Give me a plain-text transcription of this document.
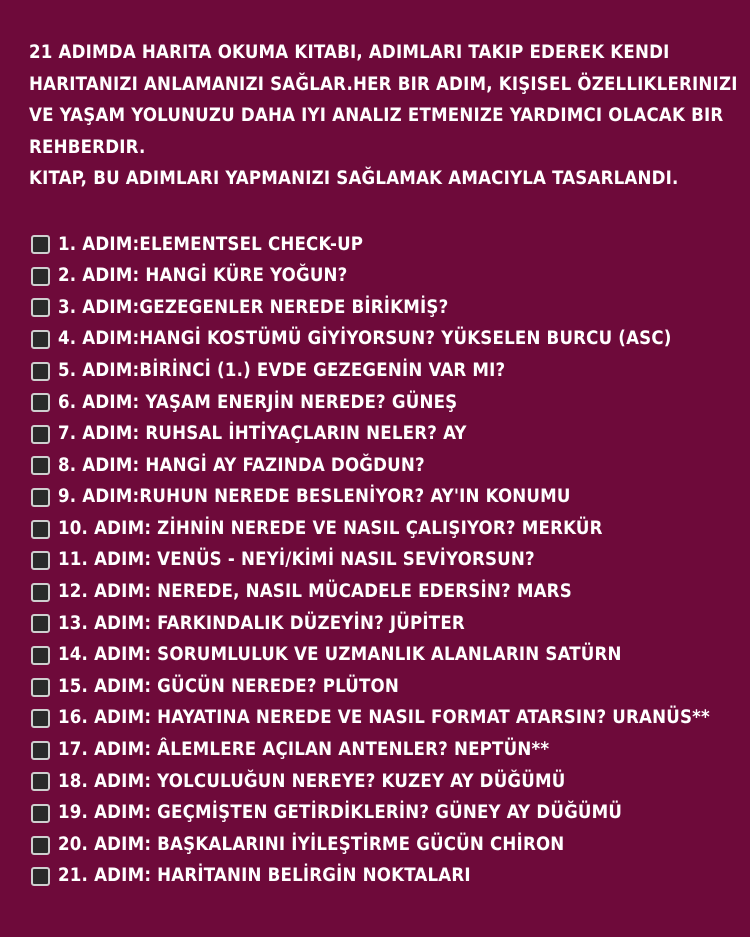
21 ADIMDA HARITA OKUMA KITABI, ADIMLARI TAKIP EDEREK KENDI
HARITANIZI ANLAMANIZI SAĞLAR.HER BIR ADIM, KIŞISEL ÖZELLIKLERINIZI
VE YAŞAM YOLUNUZU DAHA IYI ANALIZ ETMENIZE YARDIMCI OLACAK BIR
REHBERDIR.
KITAP, BU ADIMLARI YAPMANIZI SAĞLAMAK AMACIYLA TASARLANDI.
1. ADIM:ELEMENTSEL CHECK-UP
2. ADIM: HANGİ KÜRE YOĞUN?
3. ADIM:GEZEGENLER NEREDE BİRİKMİŞ?
4. ADIM:HANGİ KOSTÜMÜ GİYİYORSUN? YÜKSELEN BURCU (ASC)
5. ADIM:BİRİNCİ (1.) EVDE GEZEGENİN VAR MI?
6. ADIM: YAŞAM ENERJİN NEREDE? GÜNEŞ
7. ADIM: RUHSAL İHTİYAÇLARIN NELER? AY
8. ADIM: HANGİ AY FAZINDA DOĞDUN?
9. ADIM:RUHUN NEREDE BESLENİYOR? AY'IN KONUMU
10. ADIM: ZİHNİN NEREDE VE NASIL ÇALIŞIYOR? MERKÜR
11. ADIM: VENÜS - NEYİ/KİMİ NASIL SEVİYORSUN?
12. ADIM: NEREDE, NASIL MÜCADELE EDERSİN? MARS
13. ADIM: FARKINDALIK DÜZEYİN? JÜPİTER
14. ADIM: SORUMLULUK VE UZMANLIK ALANLARIN SATÜRN
15. ADIM: GÜCÜN NEREDE? PLÜTON
16. ADIM: HAYATINA NEREDE VE NASIL FORMAT ATARSIN? URANÜS**
17. ADIM: ÂLEMLERE AÇILAN ANTENLER? NEPTÜN**
18. ADIM: YOLCULUĞUN NEREYE? KUZEY AY DÜĞÜMÜ
19. ADIM: GEÇMİŞTEN GETİRDİKLERİN? GÜNEY AY DÜĞÜMÜ
20. ADIM: BAŞKALARINI İYİLEŞTİRME GÜCÜN CHİRON
21. ADIM: HARİTANIN BELİRGİN NOKTALARI
